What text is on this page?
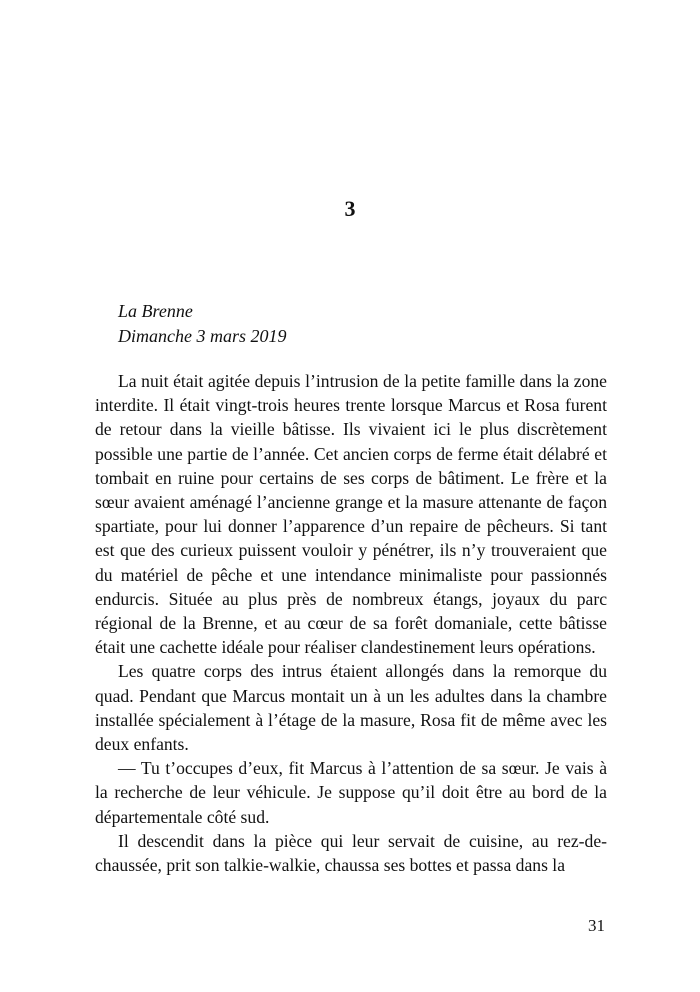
3
La Brenne
Dimanche 3 mars 2019

La nuit était agitée depuis l’intrusion de la petite famille dans la zone interdite. Il était vingt-trois heures trente lorsque Marcus et Rosa furent de retour dans la vieille bâtisse. Ils vivaient ici le plus discrètement possible une partie de l’année. Cet ancien corps de ferme était délabré et tombait en ruine pour certains de ses corps de bâtiment. Le frère et la sœur avaient aménagé l’ancienne grange et la masure attenante de façon spartiate, pour lui donner l’apparence d’un repaire de pêcheurs. Si tant est que des curieux puissent vouloir y pénétrer, ils n’y trouveraient que du matériel de pêche et une intendance minimaliste pour passionnés endurcis. Située au plus près de nombreux étangs, joyaux du parc régional de la Brenne, et au cœur de sa forêt domaniale, cette bâtisse était une cachette idéale pour réaliser clandestinement leurs opérations.

Les quatre corps des intrus étaient allongés dans la remorque du quad. Pendant que Marcus montait un à un les adultes dans la chambre installée spécialement à l’étage de la masure, Rosa fit de même avec les deux enfants.

— Tu t’occupes d’eux, fit Marcus à l’attention de sa sœur. Je vais à la recherche de leur véhicule. Je suppose qu’il doit être au bord de la départementale côté sud.

Il descendit dans la pièce qui leur servait de cuisine, au rez-de-chaussée, prit son talkie-walkie, chaussa ses bottes et passa dans la

31
